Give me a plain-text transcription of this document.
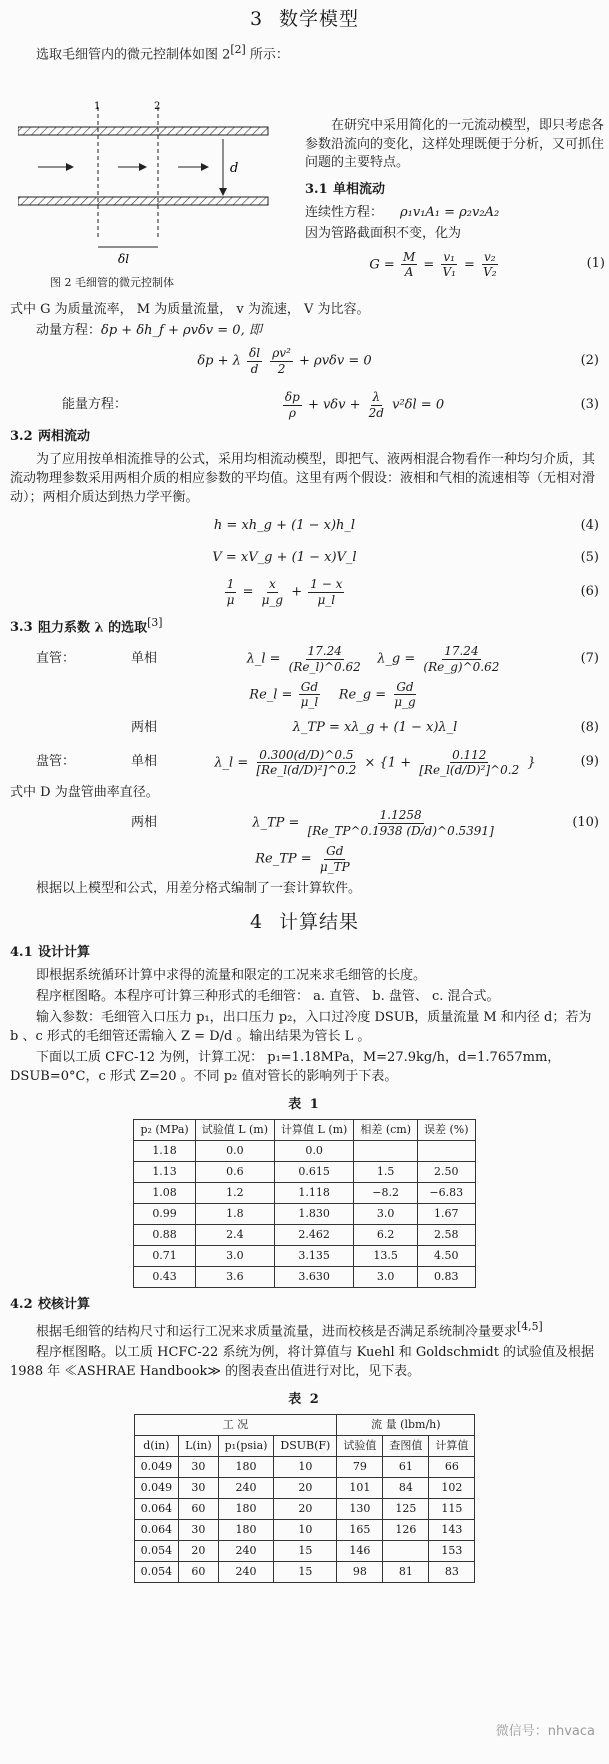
3 数学模型
选取毛细管内的微元控制体如图 2[2] 所示：
1	2
d
δl
图 2 毛细管的微元控制体
在研究中采用简化的一元流动模型，即只考虑各参数沿流向的变化，这样处理既便于分析，又可抓住问题的主要特点。
3.1 单相流动
连续性方程： ρ₁v₁A₁ = ρ₂v₂A₂
因为管路截面积不变，化为
$G = \frac{M}{A} = \frac{\text{v₁}}{\text{V₁}} = \frac{\text{v₂}}{\text{V₂}}$	(1)
式中 G 为质量流率， M 为质量流量， v 为流速， V 为比容。
动量方程：δp + δh_f + ρvδv = 0, 即
δp + λ $\frac{\delta l}{d}$
$\frac{\text{ρv²}}{2} + \rho v\delta v = 0$	(2)
能量方程：	$\frac{\delta p}{\rho} + v\delta v + \frac{\lambda}{2d} v^2\delta l = 0$	(3)
3.2 两相流动
为了应用按单相流推导的公式，采用均相流动模型，即把气、液两相混合物看作一种均匀介质，其流动物理参数采用两相介质的相应参数的平均值。这里有两个假设：液相和气相的流速相等（无相对滑动）；两相介质达到热力学平衡。
h = xh_g + (1 − x)h_l	(4)
V = xV_g + (1 − x)V_l	(5)
$\frac{1}{\mu} = \frac{x}{\mu\_g} + \frac{1 - x}{\mu\_l}$	(6)
3.3 阻力系数 λ 的选取[3]
直管：	单相	λ_l = $\frac{17.24}{(Re\_l)\^{}0.62}$ λ_g = $\frac{17.24}{(Re\_g)\^{}0.62}$	(7)
Re_l = $\frac{Gd}{\mu\_l}$ Re_g = $\frac{Gd}{\mu\_g}$
两相	λ_TP = xλ_g + (1 − x)λ_l	(8)
盘管：	单相	λ_l = $\frac{0.300(d/D)\^{}0.5}{\text{[Re\_l(d/D)²]\textasciicircum{}0.2}} \times \{1 + \frac{0.112}{\text{[Re\_l(d/D)²]\textasciicircum{}0.2}}$ }	(9)
式中 D 为盘管曲率直径。
两相	λ_TP = $\frac{1.1258}{[Re\_TP\^{}0.1938 (D/d)\^{}0.5391]}$	(10)
Re_TP = $\frac{Gd}{\mu\_TP}$
根据以上模型和公式，用差分格式编制了一套计算软件。
4 计算结果
4.1 设计计算
即根据系统循环计算中求得的流量和限定的工况来求毛细管的长度。
程序框图略。本程序可计算三种形式的毛细管： a. 直管、 b. 盘管、 c. 混合式。
输入参数：毛细管入口压力 p₁，出口压力 p₂，入口过冷度 DSUB，质量流量 M 和内径 d；若为 b 、c 形式的毛细管还需输入 Z = D/d 。输出结果为管长 L 。
下面以工质 CFC-12 为例，计算工况： p₁=1.18MPa，M=27.9kg/h，d=1.7657mm，DSUB=0°C，c 形式 Z=20 。不同 p₂ 值对管长的影响列于下表。
表 1
p₂ (MPa)	试验值 L (m)	计算值 L (m)	相差 (cm)	误差 (%)
1.18	0.0	0.0		
1.13	0.6	0.615	1.5	2.50
1.08	1.2	1.118	−8.2	−6.83
0.99	1.8	1.830	3.0	1.67
0.88	2.4	2.462	6.2	2.58
0.71	3.0	3.135	13.5	4.50
0.43	3.6	3.630	3.0	0.83
4.2 校核计算
根据毛细管的结构尺寸和运行工况来求质量流量，进而校核是否满足系统制冷量要求[4,5]
程序框图略。以工质 HCFC-22 系统为例，将计算值与 Kuehl 和 Goldschmidt 的试验值及根据 1988 年 ≪ASHRAE Handbook≫ 的图表查出值进行对比，见下表。
表 2
工 况				流 量 (lbm/h)		
d(in)	L(in)	p₁(psia)	DSUB(F)	试验值	查图值	计算值
0.049	30	180	10	79	61	66
0.049	30	240	20	101	84	102
0.064	60	180	20	130	125	115
0.064	30	180	10	165	126	143
0.054	20	240	15	146		153
0.054	60	240	15	98	81	83
微信号：nhvaca
